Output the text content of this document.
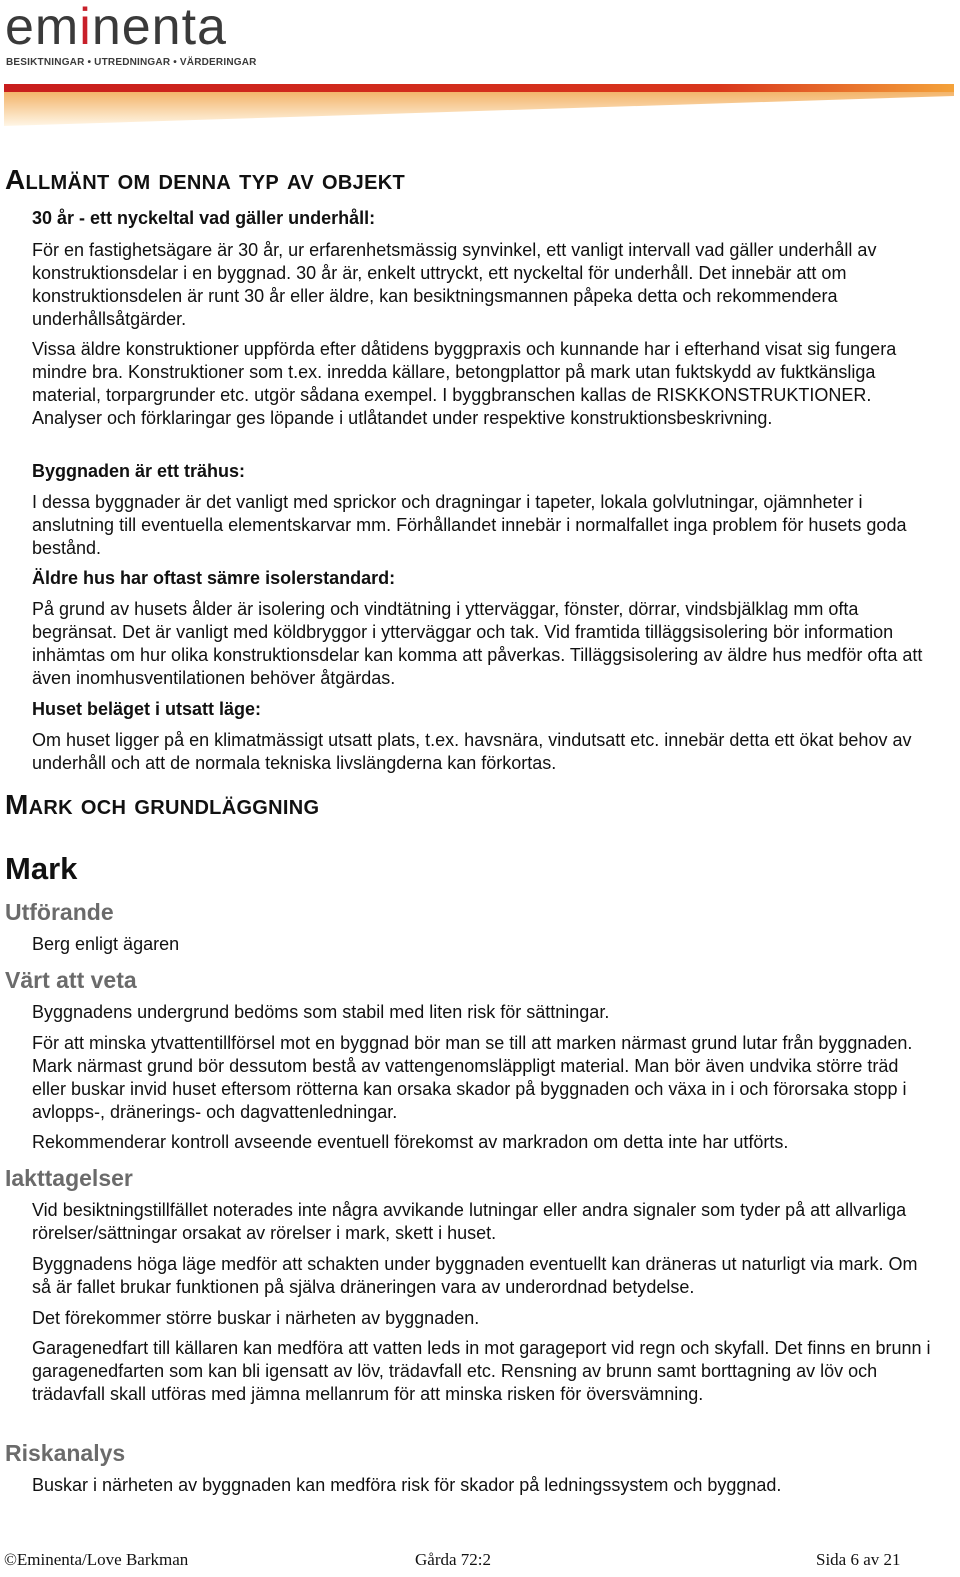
eminenta
BESIKTNINGAR • UTREDNINGAR • VÄRDERINGAR
Allmänt om denna typ av objekt
30 år - ett nyckeltal vad gäller underhåll:

För en fastighetsägare är 30 år, ur erfarenhetsmässig synvinkel, ett vanligt intervall vad gäller underhåll av konstruktionsdelar i en byggnad. 30 år är, enkelt uttryckt, ett nyckeltal för underhåll. Det innebär att om konstruktionsdelen är runt 30 år eller äldre, kan besiktningsmannen påpeka detta och rekommendera underhållsåtgärder.

Vissa äldre konstruktioner uppförda efter dåtidens byggpraxis och kunnande har i efterhand visat sig fungera mindre bra. Konstruktioner som t.ex. inredda källare, betongplattor på mark utan fuktskydd av fuktkänsliga material, torpargrunder etc. utgör sådana exempel. I byggbranschen kallas de RISKKONSTRUKTIONER. Analyser och förklaringar ges löpande i utlåtandet under respektive konstruktionsbeskrivning.

Byggnaden är ett trähus:

I dessa byggnader är det vanligt med sprickor och dragningar i tapeter, lokala golvlutningar, ojämnheter i anslutning till eventuella elementskarvar mm. Förhållandet innebär i normalfallet inga problem för husets goda bestånd.

Äldre hus har oftast sämre isolerstandard:

På grund av husets ålder är isolering och vindtätning i ytterväggar, fönster, dörrar, vindsbjälklag mm ofta begränsat. Det är vanligt med köldbryggor i ytterväggar och tak. Vid framtida tilläggsisolering bör information inhämtas om hur olika konstruktionsdelar kan komma att påverkas. Tilläggsisolering av äldre hus medför ofta att även inomhusventilationen behöver åtgärdas.

Huset beläget i utsatt läge:

Om huset ligger på en klimatmässigt utsatt plats, t.ex. havsnära, vindutsatt etc. innebär detta ett ökat behov av underhåll och att de normala tekniska livslängderna kan förkortas.

Mark och grundläggning
Mark
Utförande

Berg enligt ägaren

Värt att veta

Byggnadens undergrund bedöms som stabil med liten risk för sättningar.

För att minska ytvattentillförsel mot en byggnad bör man se till att marken närmast grund lutar från byggnaden. Mark närmast grund bör dessutom bestå av vattengenomsläppligt material. Man bör även undvika större träd eller buskar invid huset eftersom rötterna kan orsaka skador på byggnaden och växa in i och förorsaka stopp i avlopps-, dränerings- och dagvattenledningar.

Rekommenderar kontroll avseende eventuell förekomst av markradon om detta inte har utförts.

Iakttagelser

Vid besiktningstillfället noterades inte några avvikande lutningar eller andra signaler som tyder på att allvarliga rörelser/sättningar orsakat av rörelser i mark, skett i huset.

Byggnadens höga läge medför att schakten under byggnaden eventuellt kan dräneras ut naturligt via mark. Om så är fallet brukar funktionen på själva dräneringen vara av underordnad betydelse.

Det förekommer större buskar i närheten av byggnaden.

Garagenedfart till källaren kan medföra att vatten leds in mot garageport vid regn och skyfall. Det finns en brunn i garagenedfarten som kan bli igensatt av löv, trädavfall etc. Rensning av brunn samt borttagning av löv och trädavfall skall utföras med jämna mellanrum för att minska risken för översvämning.

Riskanalys

Buskar i närheten av byggnaden kan medföra risk för skador på ledningssystem och byggnad.

©Eminenta/Love Barkman	Gårda 72:2	Sida 6 av 21
